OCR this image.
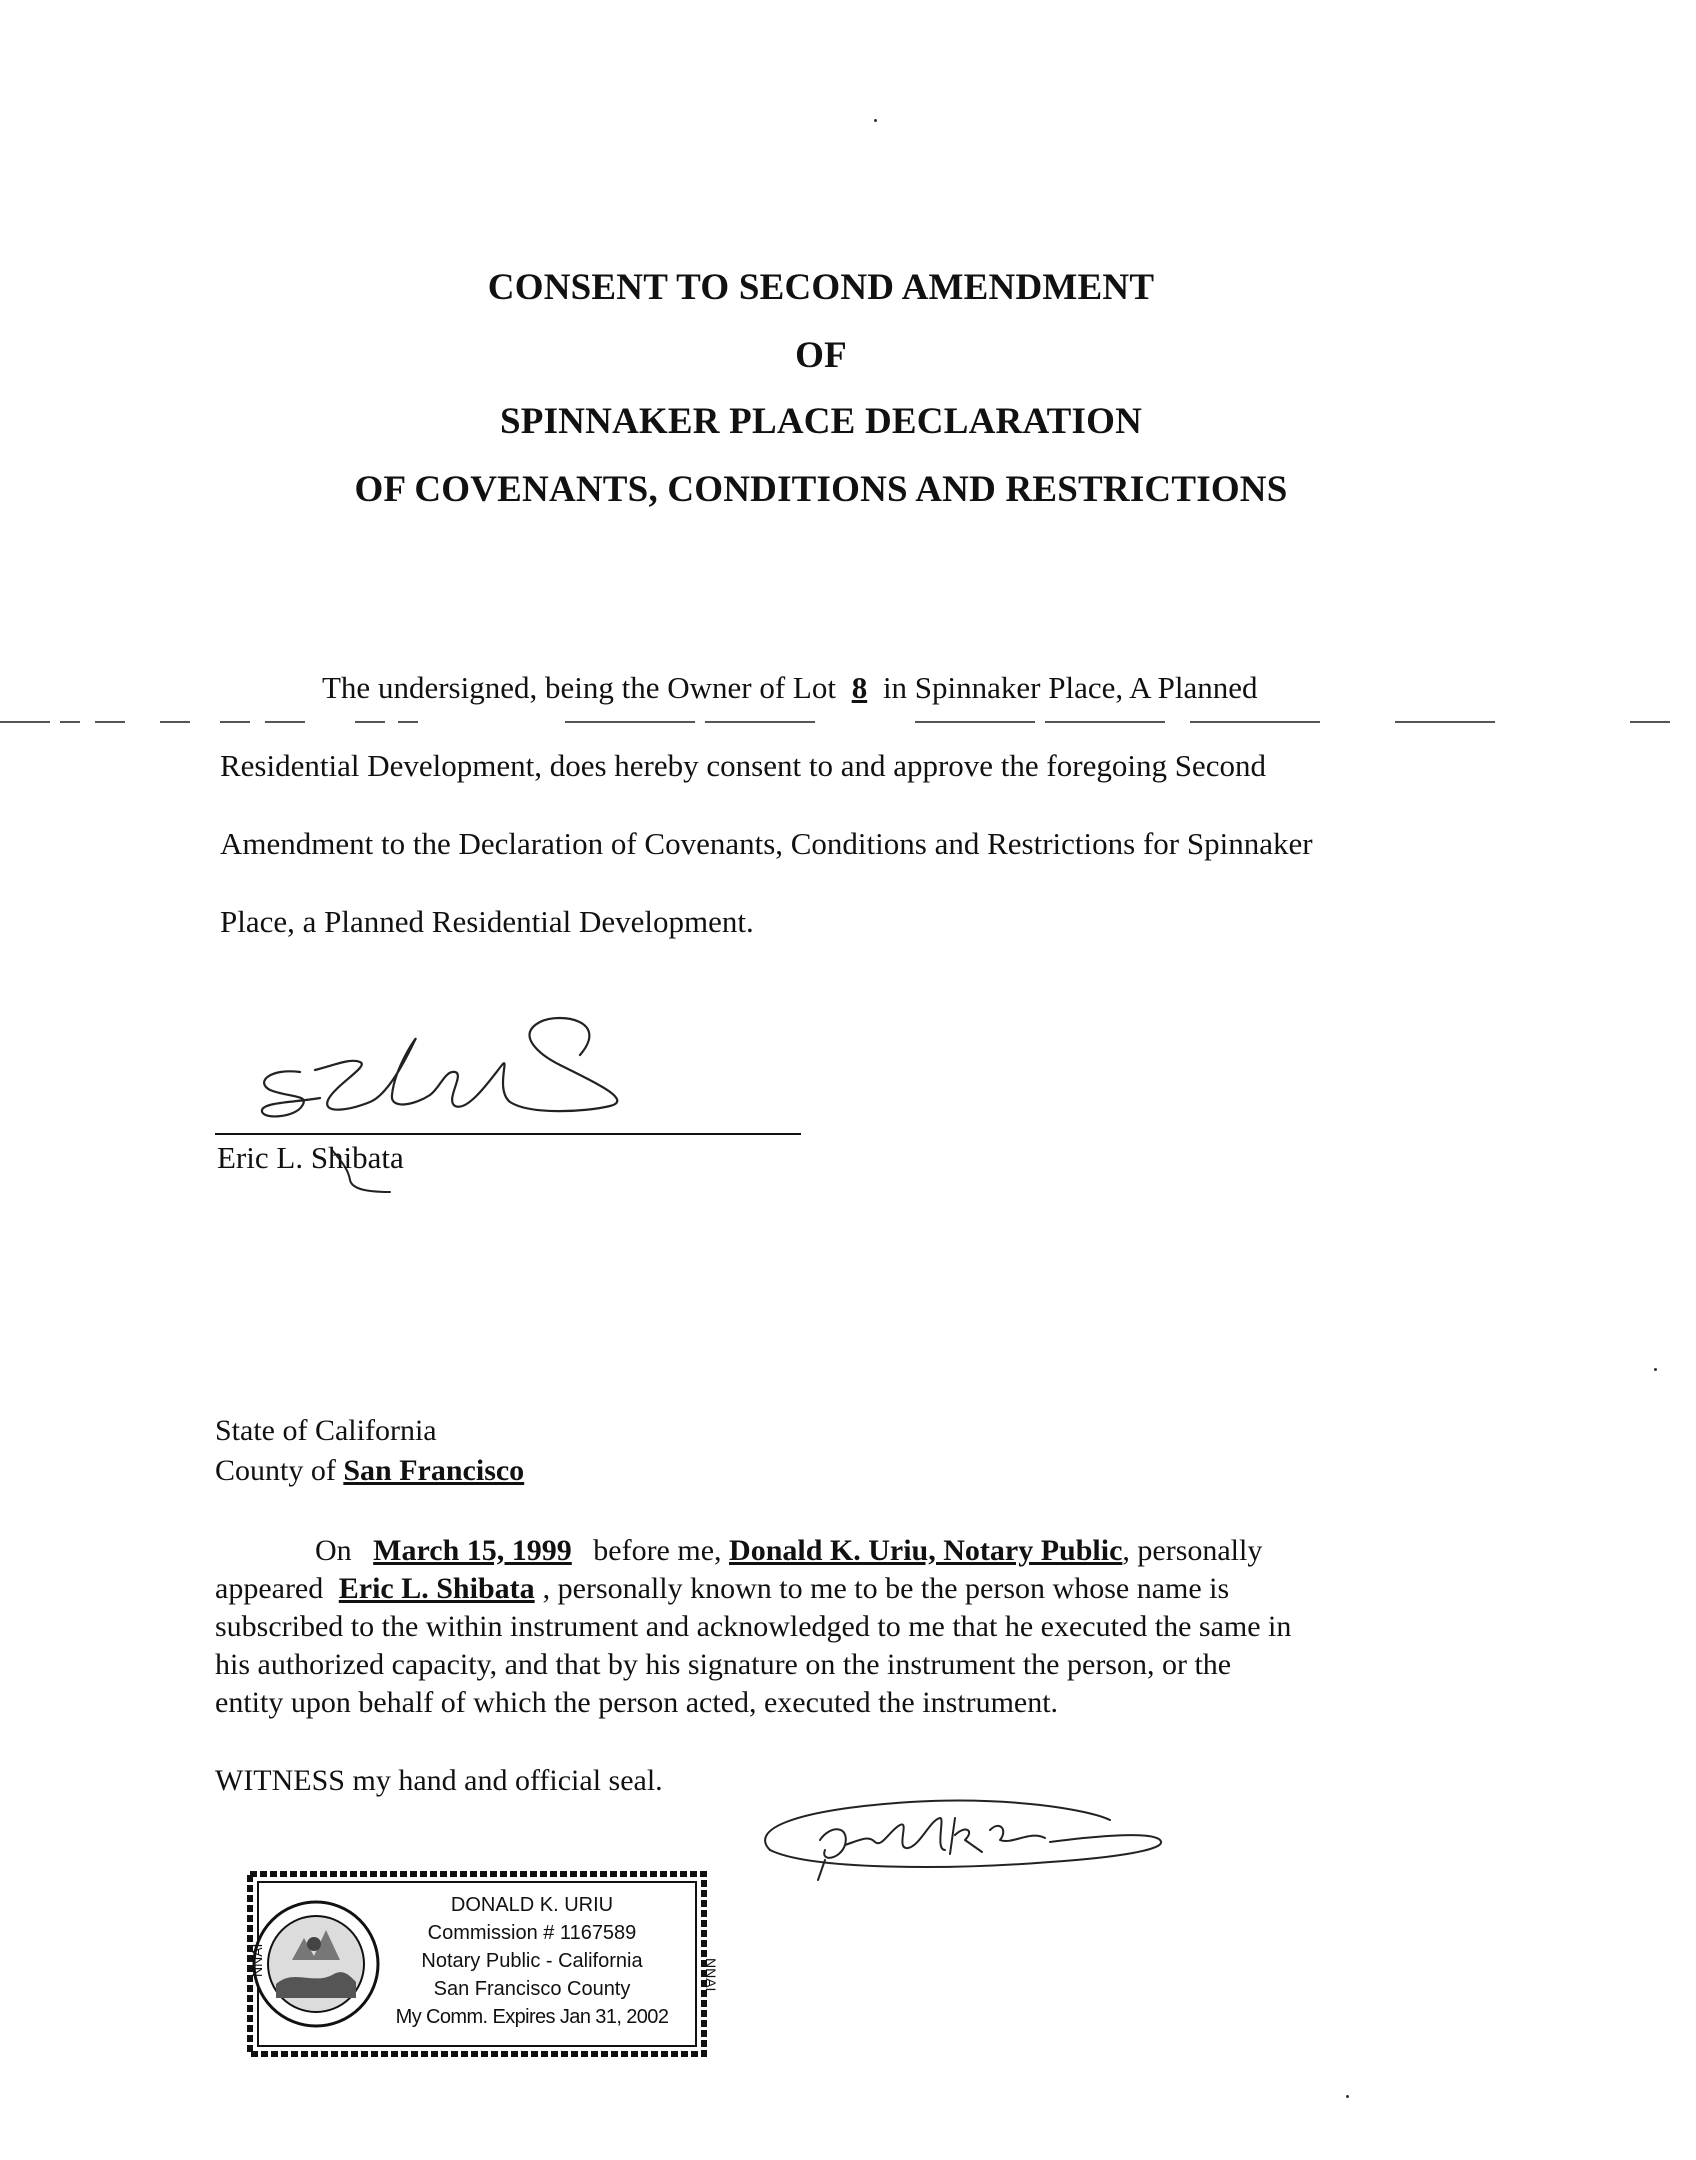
CONSENT TO SECOND AMENDMENT
OF
SPINNAKER PLACE DECLARATION
OF COVENANTS, CONDITIONS AND RESTRICTIONS
The undersigned, being the Owner of Lot 8 in Spinnaker Place, A Planned
Residential Development, does hereby consent to and approve the foregoing Second
Amendment to the Declaration of Covenants, Conditions and Restrictions for Spinnaker
Place, a Planned Residential Development.
Eric L. Shibata
State of California
County of San Francisco
On March 15, 1999 before me, Donald K. Uriu, Notary Public, personally
appeared Eric L. Shibata , personally known to me to be the person whose name is
subscribed to the within instrument and acknowledged to me that he executed the same in
his authorized capacity, and that by his signature on the instrument the person, or the
entity upon behalf of which the person acted, executed the instrument.
WITNESS my hand and official seal.
NNAI	NNAI
DONALD K. URIU
Commission # 1167589
Notary Public - California
San Francisco County
My Comm. Expires Jan 31, 2002
